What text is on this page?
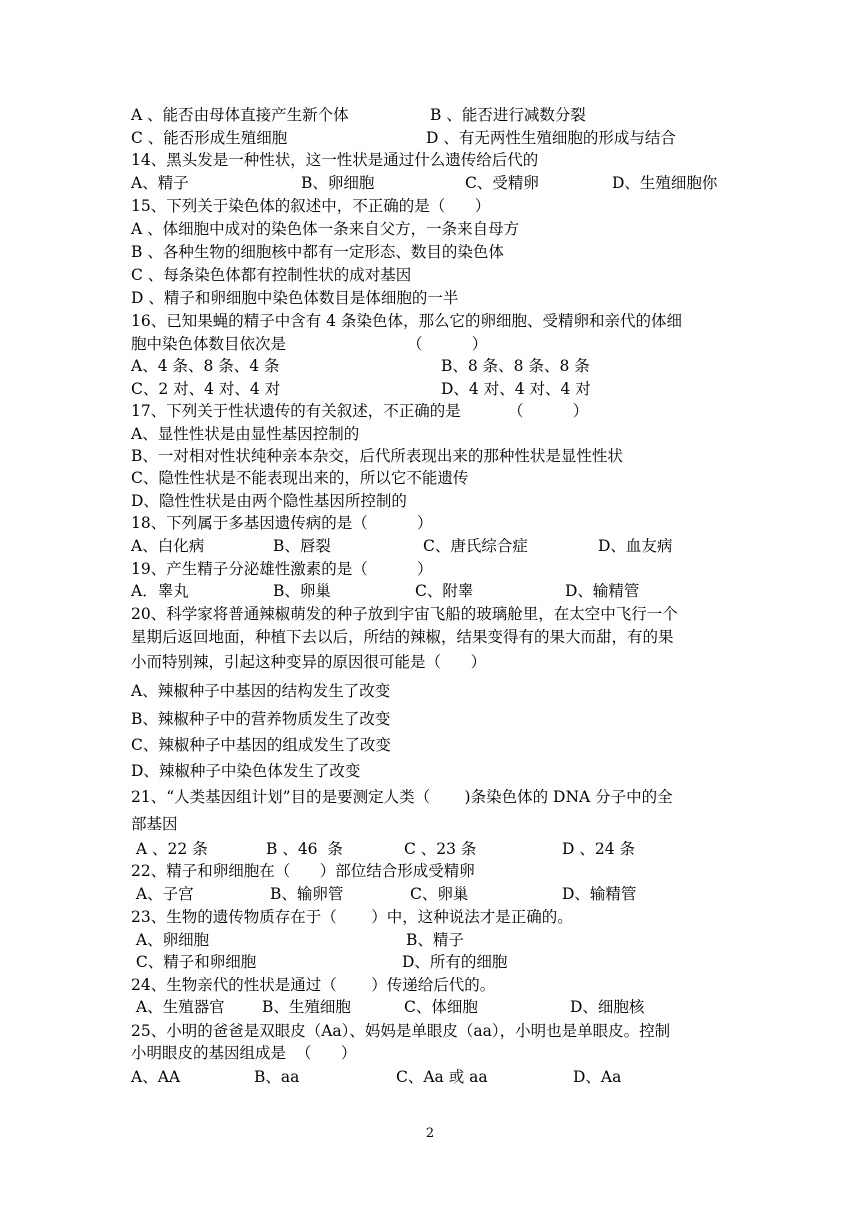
A 、能否由母体直接产生新个体	B 、能否进行减数分裂
C 、能否形成生殖细胞	D 、有无两性生殖细胞的形成与结合
14、黑头发是一种性状，这一性状是通过什么遗传给后代的
A、精子	B、卵细胞	C、受精卵	D、生殖细胞你
15、下列关于染色体的叙述中，不正确的是（      ）
A 、体细胞中成对的染色体一条来自父方，一条来自母方
B 、各种生物的细胞核中都有一定形态、数目的染色体
C 、每条染色体都有控制性状的成对基因
D 、精子和卵细胞中染色体数目是体细胞的一半
16、已知果蝇的精子中含有 4 条染色体，那么它的卵细胞、受精卵和亲代的体细
胞中染色体数目依次是	（          ）
A、4 条、8 条、4 条	B、8 条、8 条、8 条
C、2 对、4 对、4 对	D、4 对、4 对、4 对
17、下列关于性状遗传的有关叙述，不正确的是	（          ）
A、显性性状是由显性基因控制的
B、一对相对性状纯种亲本杂交，后代所表现出来的那种性状是显性性状
C、隐性性状是不能表现出来的，所以它不能遗传
D、隐性性状是由两个隐性基因所控制的
18、下列属于多基因遗传病的是（          ）
A、白化病	B、唇裂	C、唐氏综合症	D、血友病
19、产生精子分泌雄性激素的是（          ）
A．睾丸	B、卵巢	C、附睾	D、输精管
20、科学家将普通辣椒萌发的种子放到宇宙飞船的玻璃舱里，在太空中飞行一个
星期后返回地面，种植下去以后，所结的辣椒，结果变得有的果大而甜，有的果
小而特别辣，引起这种变异的原因很可能是（      ）
A、辣椒种子中基因的结构发生了改变
B、辣椒种子中的营养物质发生了改变
C、辣椒种子中基因的组成发生了改变
D、辣椒种子中染色体发生了改变
21、“人类基因组计划”目的是要测定人类（       )条染色体的 DNA 分子中的全
部基因
A 、22 条	B 、46  条	C 、23 条	D 、24 条
22、精子和卵细胞在（      ）部位结合形成受精卵
A、子宫	B、输卵管	C、卵巢	D、输精管
23、生物的遗传物质存在于（       ）中，这种说法才是正确的。
A、卵细胞	B、精子
C、精子和卵细胞	D、所有的细胞
24、生物亲代的性状是通过（       ）传递给后代的。
A、生殖器官 B、生殖细胞	C、体细胞	D、细胞核
25、小明的爸爸是双眼皮（Aa）、妈妈是单眼皮（aa），小明也是单眼皮。控制
小明眼皮的基因组成是  （      ）
A、AA	B、aa	C、Aa 或 aa	D、Aa
2
